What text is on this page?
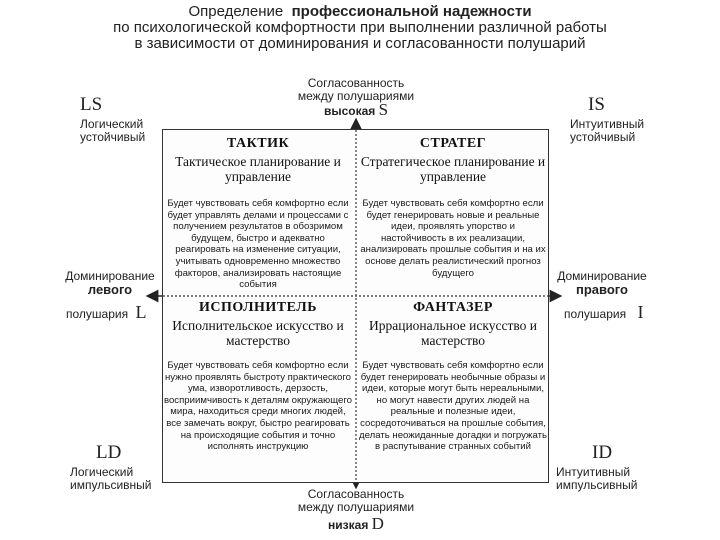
Определение профессиональной надежности
по психологической комфортности при выполнении различной работы
в зависимости от доминирования и согласованности полушарий
Согласованность
между полушариями
высокая S
Согласованность
между полушариями
низкая D
Доминирование
левого
полушария L
Доминирование
правого
полушария I
LS
Логический
устойчивый
IS
Интуитивный
устойчивый
LD
Логический
импульсивный
ID
Интуитивный
импульсивный
ТАКТИК
Тактическое планирование и управление
Будет чувствовать себя комфортно если будет управлять делами и процессами с получением результатов в обозримом будущем, быстро и адекватно реагировать на изменение ситуации, учитывать одновременно множество факторов, анализировать настоящие события
СТРАТЕГ
Стратегическое планирование и управление
Будет чувствовать себя комфортно если будет генерировать новые и реальные идеи, проявлять упорство и настойчивость в их реализации, анализировать прошлые события и на их основе делать реалистический прогноз будущего
ИСПОЛНИТЕЛЬ
Исполнительское искусство и мастерство
Будет чувствовать себя комфортно если нужно проявлять быстроту практического ума, изворотливость, дерзость, восприимчивость к деталям окружающего мира, находиться среди многих людей, все замечать вокруг, быстро реагировать на происходящие события и точно исполнять инструкцию
ФАНТАЗЕР
Иррациональное искусство и мастерство
Будет чувствовать себя комфортно если будет генерировать необычные образы и идеи, которые могут быть нереальными, но могут навести других людей на реальные и полезные идеи, сосредоточиваться на прошлые события, делать неожиданные догадки и погружать в распутывание странных событий
